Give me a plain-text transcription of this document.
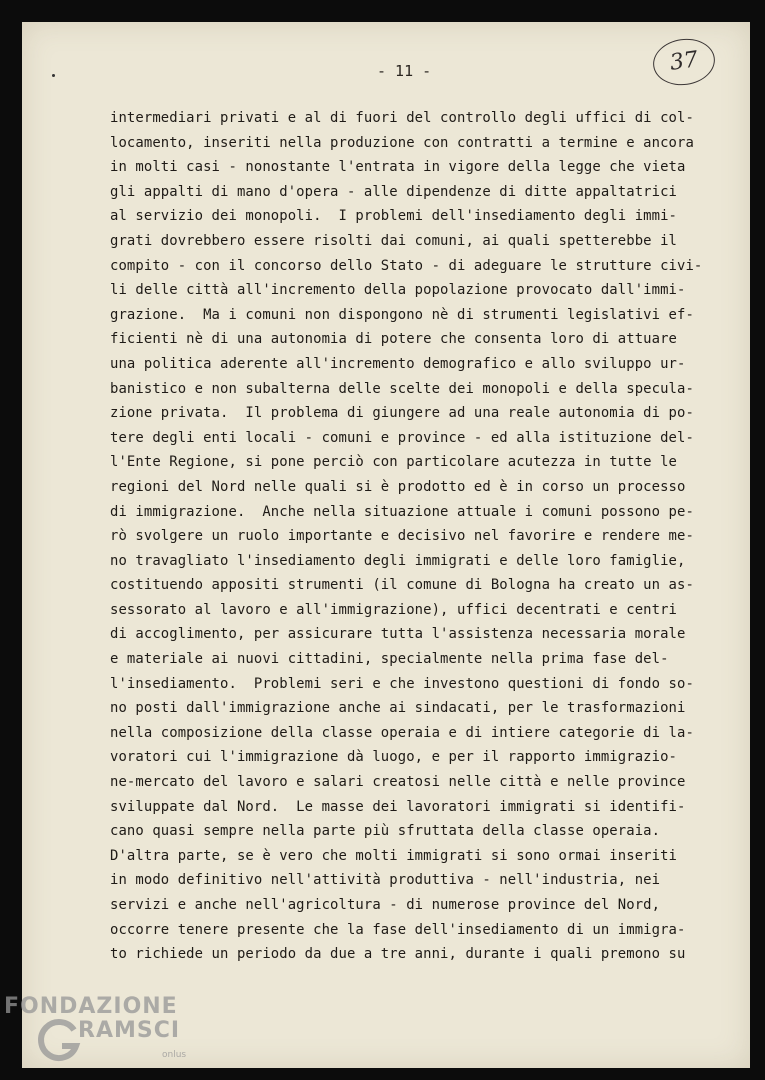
- 11 -	37
intermediari privati e al di fuori del controllo degli uffici di col-
locamento, inseriti nella produzione con contratti a termine e ancora
in molti casi - nonostante l'entrata in vigore della legge che vieta
gli appalti di mano d'opera - alle dipendenze di ditte appaltatrici
al servizio dei monopoli.  I problemi dell'insediamento degli immi-
grati dovrebbero essere risolti dai comuni, ai quali spetterebbe il
compito - con il concorso dello Stato - di adeguare le strutture civi-
li delle città all'incremento della popolazione provocato dall'immi-
grazione.  Ma i comuni non dispongono nè di strumenti legislativi ef-
ficienti nè di una autonomia di potere che consenta loro di attuare
una politica aderente all'incremento demografico e allo sviluppo ur-
banistico e non subalterna delle scelte dei monopoli e della specula-
zione privata.  Il problema di giungere ad una reale autonomia di po-
tere degli enti locali - comuni e province - ed alla istituzione del-
l'Ente Regione, si pone perciò con particolare acutezza in tutte le
regioni del Nord nelle quali si è prodotto ed è in corso un processo
di immigrazione.  Anche nella situazione attuale i comuni possono pe-
rò svolgere un ruolo importante e decisivo nel favorire e rendere me-
no travagliato l'insediamento degli immigrati e delle loro famiglie,
costituendo appositi strumenti (il comune di Bologna ha creato un as-
sessorato al lavoro e all'immigrazione), uffici decentrati e centri
di accoglimento, per assicurare tutta l'assistenza necessaria morale
e materiale ai nuovi cittadini, specialmente nella prima fase del-
l'insediamento.  Problemi seri e che investono questioni di fondo so-
no posti dall'immigrazione anche ai sindacati, per le trasformazioni
nella composizione della classe operaia e di intiere categorie di la-
voratori cui l'immigrazione dà luogo, e per il rapporto immigrazio-
ne-mercato del lavoro e salari creatosi nelle città e nelle province
sviluppate dal Nord.  Le masse dei lavoratori immigrati si identifi-
cano quasi sempre nella parte più sfruttata della classe operaia.
D'altra parte, se è vero che molti immigrati si sono ormai inseriti
in modo definitivo nell'attività produttiva - nell'industria, nei
servizi e anche nell'agricoltura - di numerose province del Nord,
occorre tenere presente che la fase dell'insediamento di un immigra-
to richiede un periodo da due a tre anni, durante i quali premono su
FONDAZIONE
RAMSCI
onlus
